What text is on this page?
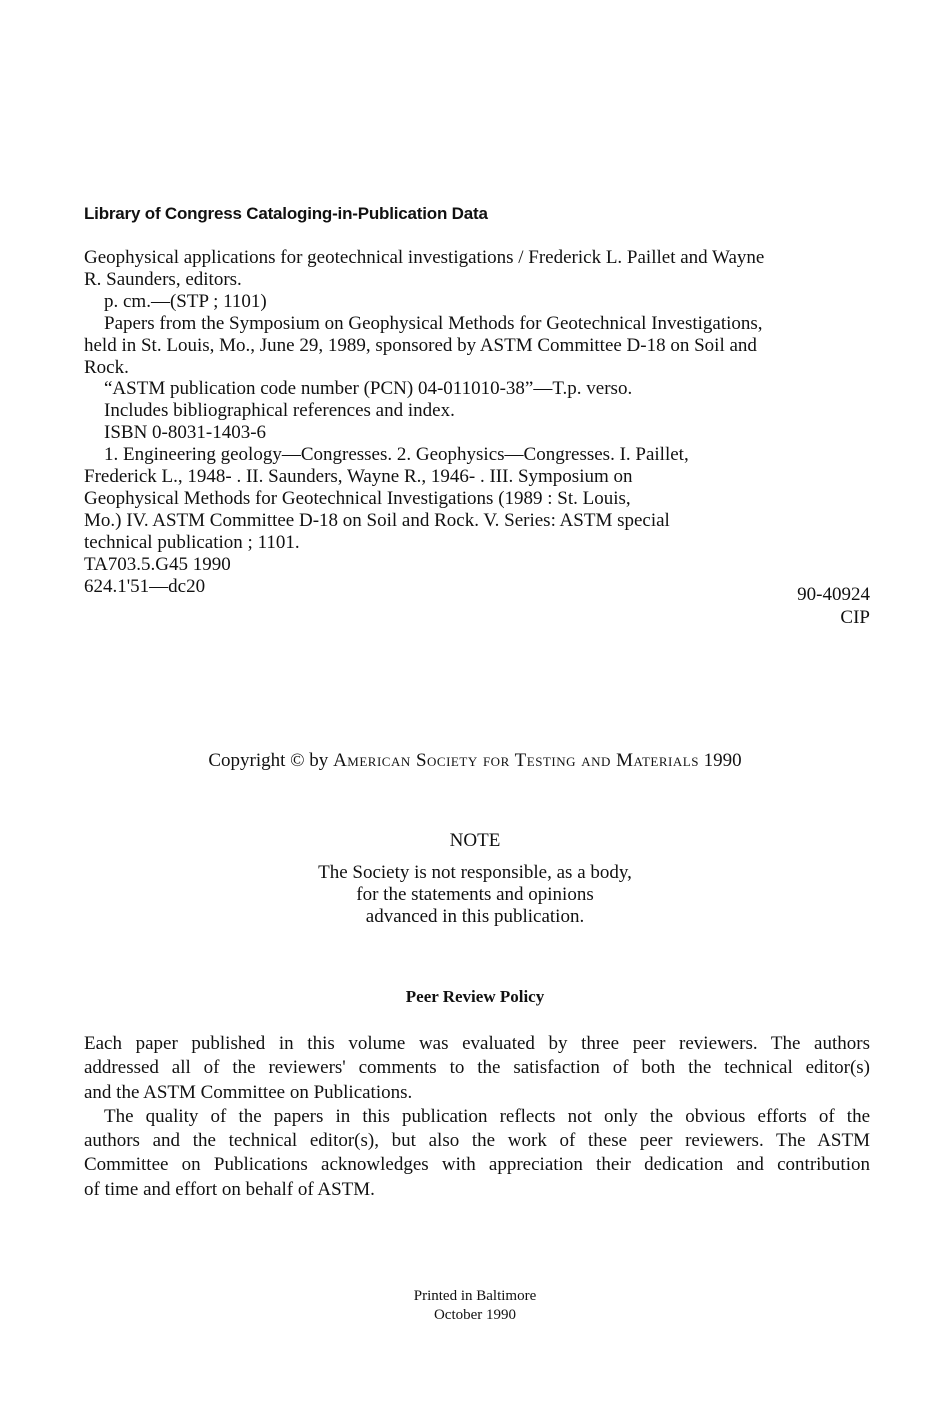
Library of Congress Cataloging-in-Publication Data
Geophysical applications for geotechnical investigations / Frederick L. Paillet and Wayne
R. Saunders, editors.
p. cm.—(STP ; 1101)
Papers from the Symposium on Geophysical Methods for Geotechnical Investigations,
held in St. Louis, Mo., June 29, 1989, sponsored by ASTM Committee D-18 on Soil and
Rock.
“ASTM publication code number (PCN) 04-011010-38”—T.p. verso.
Includes bibliographical references and index.
ISBN 0-8031-1403-6
1. Engineering geology—Congresses. 2. Geophysics—Congresses. I. Paillet,
Frederick L., 1948- . II. Saunders, Wayne R., 1946- . III. Symposium on
Geophysical Methods for Geotechnical Investigations (1989 : St. Louis,
Mo.) IV. ASTM Committee D-18 on Soil and Rock. V. Series: ASTM special
technical publication ; 1101.
TA703.5.G45 1990
624.1'51—dc20	90-40924
CIP
Copyright © by American Society for Testing and Materials 1990
NOTE
The Society is not responsible, as a body,
for the statements and opinions
advanced in this publication.
Peer Review Policy
Each paper published in this volume was evaluated by three peer reviewers. The authors
addressed all of the reviewers' comments to the satisfaction of both the technical editor(s)
and the ASTM Committee on Publications.
The quality of the papers in this publication reflects not only the obvious efforts of the
authors and the technical editor(s), but also the work of these peer reviewers. The ASTM
Committee on Publications acknowledges with appreciation their dedication and contribution
of time and effort on behalf of ASTM.
Printed in Baltimore
October 1990
